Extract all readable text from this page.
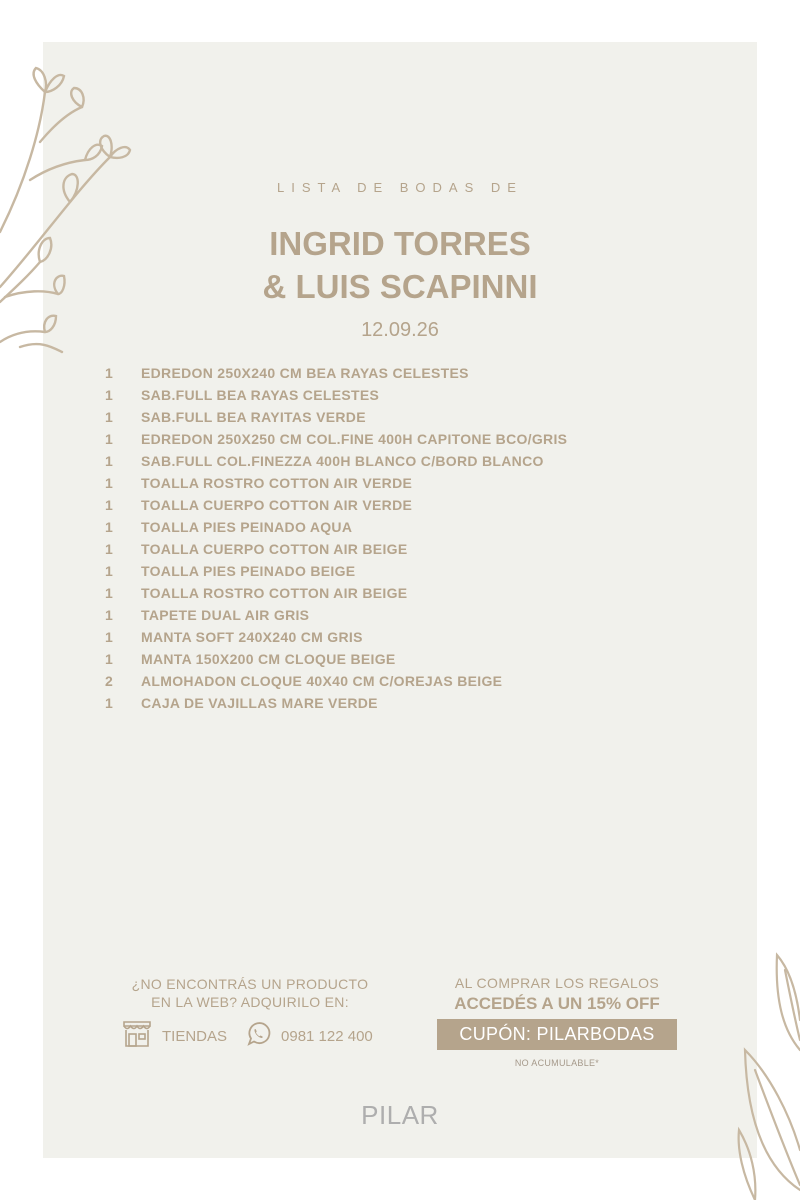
LISTA DE BODAS DE
INGRID TORRES
& LUIS SCAPINNI
12.09.26
1	EDREDON 250X240 CM BEA RAYAS CELESTES
1	SAB.FULL BEA RAYAS CELESTES
1	SAB.FULL BEA RAYITAS VERDE
1	EDREDON 250X250 CM COL.FINE 400H CAPITONE BCO/GRIS
1	SAB.FULL COL.FINEZZA 400H BLANCO C/BORD BLANCO
1	TOALLA ROSTRO COTTON AIR VERDE
1	TOALLA CUERPO COTTON AIR VERDE
1	TOALLA PIES PEINADO AQUA
1	TOALLA CUERPO COTTON AIR BEIGE
1	TOALLA PIES PEINADO BEIGE
1	TOALLA ROSTRO COTTON AIR BEIGE
1	TAPETE DUAL AIR GRIS
1	MANTA SOFT 240X240 CM GRIS
1	MANTA 150X200 CM CLOQUE BEIGE
2	ALMOHADON CLOQUE 40X40 CM C/OREJAS BEIGE
1	CAJA DE VAJILLAS MARE VERDE
¿NO ENCONTRÁS UN PRODUCTO
EN LA WEB? ADQUIRILO EN:
TIENDAS	0981 122 400
AL COMPRAR LOS REGALOS
ACCEDÉS A UN 15% OFF
CUPÓN: PILARBODAS
NO ACUMULABLE*
PILAR
